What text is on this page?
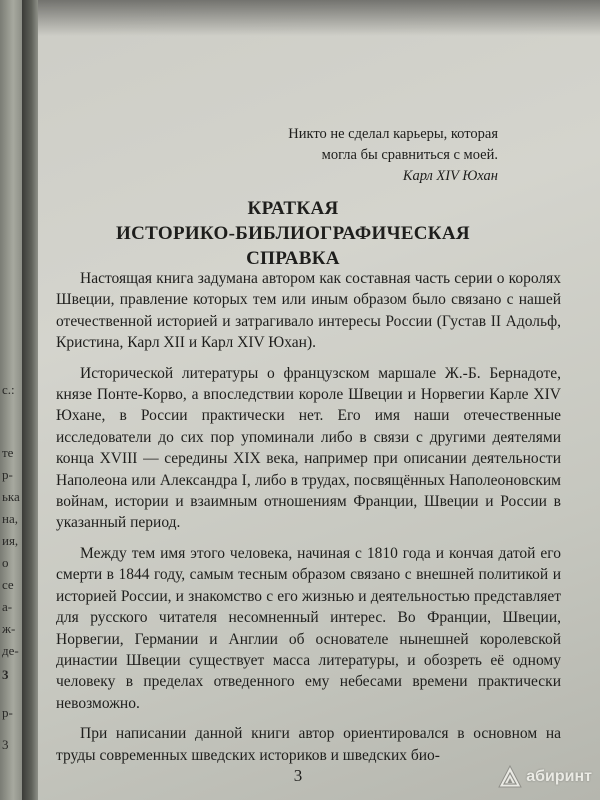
с.:
те
р-
ька
на,
ия,
о
се
а-
ж-
де-
3
р-
3
Никто не сделал карьеры, которая
могла бы сравниться с моей.
Карл XIV Юхан
КРАТКАЯ
ИСТОРИКО-БИБЛИОГРАФИЧЕСКАЯ
СПРАВКА

Настоящая книга задумана автором как составная часть серии о королях Швеции, правление которых тем или иным образом было связано с нашей отечественной историей и затрагивало интересы России (Густав II Адольф, Кристина, Карл XII и Карл XIV Юхан).

Исторической литературы о французском маршале Ж.-Б. Бернадоте, князе Понте-Корво, а впоследствии короле Швеции и Норвегии Карле XIV Юхане, в России практически нет. Его имя наши отечественные исследователи до сих пор упоминали либо в связи с другими деятелями конца XVIII — середины XIX века, например при описании деятельности Наполеона или Александра I, либо в трудах, посвящённых Наполеоновским войнам, истории и взаимным отношениям Франции, Швеции и России в указанный период.

Между тем имя этого человека, начиная с 1810 года и кончая датой его смерти в 1844 году, самым тесным образом связано с внешней политикой и историей России, и знакомство с его жизнью и деятельностью представляет для русского читателя несомненный интерес. Во Франции, Швеции, Норвегии, Германии и Англии об основателе нынешней королевской династии Швеции существует масса литературы, и обозреть её одному человеку в пределах отведенного ему небесами времени практически невозможно.

При написании данной книги автор ориентировался в основном на труды современных шведских историков и шведских био-

3	абиринт
